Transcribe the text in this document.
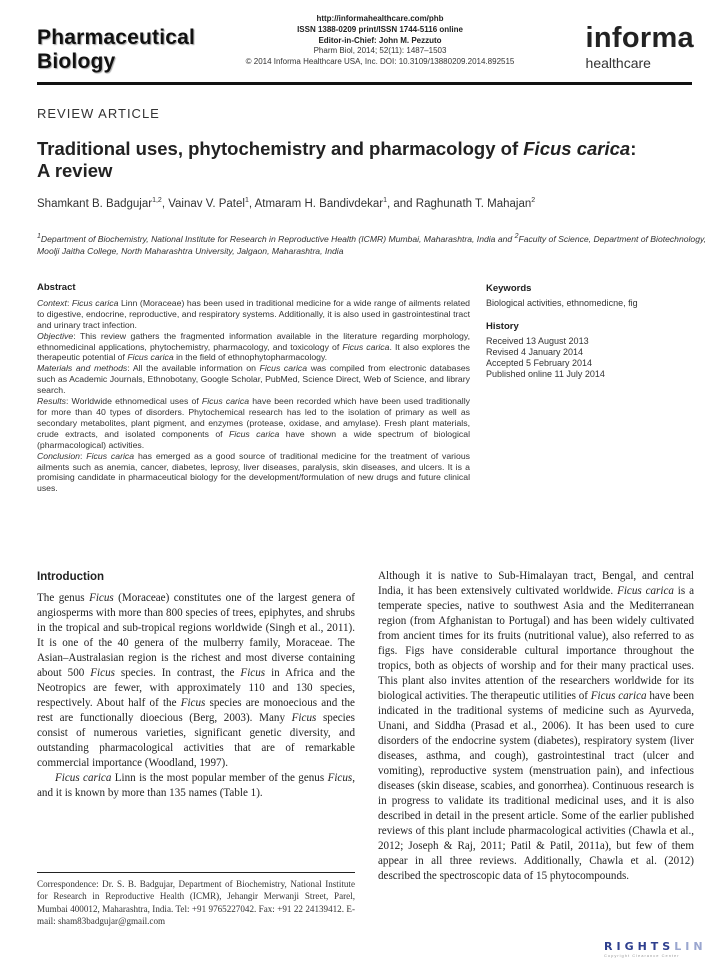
Pharmaceutical
Biology
http://informahealthcare.com/phb
ISSN 1388-0209 print/ISSN 1744-5116 online
Editor-in-Chief: John M. Pezzuto
Pharm Biol, 2014; 52(11): 1487–1503
© 2014 Informa Healthcare USA, Inc. DOI: 10.3109/13880209.2014.892515
informa
healthcare
REVIEW ARTICLE
Traditional uses, phytochemistry and pharmacology of Ficus carica:
A review
Shamkant B. Badgujar$^{1,2}$, Vainav V. Patel$^1$, Atmaram H. Bandivdekar$^1$, and Raghunath T. Mahajan$^2$
$^1$Department of Biochemistry, National Institute for Research in Reproductive Health (ICMR) Mumbai, Maharashtra, India and $^2$Faculty of Science, Department of Biotechnology, Moolji Jaitha College, North Maharashtra University, Jalgaon, Maharashtra, India
Abstract

Context: Ficus carica Linn (Moraceae) has been used in traditional medicine for a wide range of ailments related to digestive, endocrine, reproductive, and respiratory systems. Additionally, it is also used in gastrointestinal tract and urinary tract infection.

Objective: This review gathers the fragmented information available in the literature regarding morphology, ethnomedicinal applications, phytochemistry, pharmacology, and toxicology of Ficus carica. It also explores the therapeutic potential of Ficus carica in the field of ethnophytopharmacology.

Materials and methods: All the available information on Ficus carica was compiled from electronic databases such as Academic Journals, Ethnobotany, Google Scholar, PubMed, Science Direct, Web of Science, and library search.

Results: Worldwide ethnomedical uses of Ficus carica have been recorded which have been used traditionally for more than 40 types of disorders. Phytochemical research has led to the isolation of primary as well as secondary metabolites, plant pigment, and enzymes (protease, oxidase, and amylase). Fresh plant materials, crude extracts, and isolated components of Ficus carica have shown a wide spectrum of biological (pharmacological) activities.

Conclusion: Ficus carica has emerged as a good source of traditional medicine for the treatment of various ailments such as anemia, cancer, diabetes, leprosy, liver diseases, paralysis, skin diseases, and ulcers. It is a promising candidate in pharmaceutical biology for the development/formulation of new drugs and future clinical uses.

Keywords
Biological activities, ethnomedicne, fig
History
Received 13 August 2013
Revised 4 January 2014
Accepted 5 February 2014
Published online 11 July 2014
Introduction

The genus Ficus (Moraceae) constitutes one of the largest genera of angiosperms with more than 800 species of trees, epiphytes, and shrubs in the tropical and sub-tropical regions worldwide (Singh et al., 2011). It is one of the 40 genera of the mulberry family, Moraceae. The Asian–Australasian region is the richest and most diverse containing about 500 Ficus species. In contrast, the Ficus in Africa and the Neotropics are fewer, with approximately 110 and 130 species, respectively. About half of the Ficus species are monoecious and the rest are functionally dioecious (Berg, 2003). Many Ficus species consist of numerous varieties, significant genetic diversity, and outstanding pharmacological activities that are of remarkable commercial importance (Woodland, 1997).

Ficus carica Linn is the most popular member of the genus Ficus, and it is known by more than 135 names (Table 1).

Although it is native to Sub-Himalayan tract, Bengal, and central India, it has been extensively cultivated worldwide. Ficus carica is a temperate species, native to southwest Asia and the Mediterranean region (from Afghanistan to Portugal) and has been widely cultivated from ancient times for its fruits (nutritional value), also referred to as figs. Figs have considerable cultural importance throughout the tropics, both as objects of worship and for their many practical uses. This plant also invites attention of the researchers worldwide for its biological activities. The therapeutic utilities of Ficus carica have been indicated in the traditional systems of medicine such as Ayurveda, Unani, and Siddha (Prasad et al., 2006). It has been used to cure disorders of the endocrine system (diabetes), respiratory system (liver diseases, asthma, and cough), gastrointestinal tract (ulcer and vomiting), reproductive system (menstruation pain), and infectious diseases (skin disease, scabies, and gonorrhea). Continuous research is in progress to validate its traditional medicinal uses, and it is also described in detail in the present article. Some of the earlier published reviews of this plant include pharmacological activities (Chawla et al., 2012; Joseph & Raj, 2011; Patil & Patil, 2011a), but few of them appear in all three reviews. Additionally, Chawla et al. (2012) described the spectroscopic data of 15 phytocompounds.

Correspondence: Dr. S. B. Badgujar, Department of Biochemistry, National Institute for Research in Reproductive Health (ICMR), Jehangir Merwanji Street, Parel, Mumbai 400012, Maharashtra, India. Tel: +91 9765227042. Fax: +91 22 24139412. E-mail: sham83badgujar@gmail.com
RIGHTSLIN
Copyright Clearance Center
